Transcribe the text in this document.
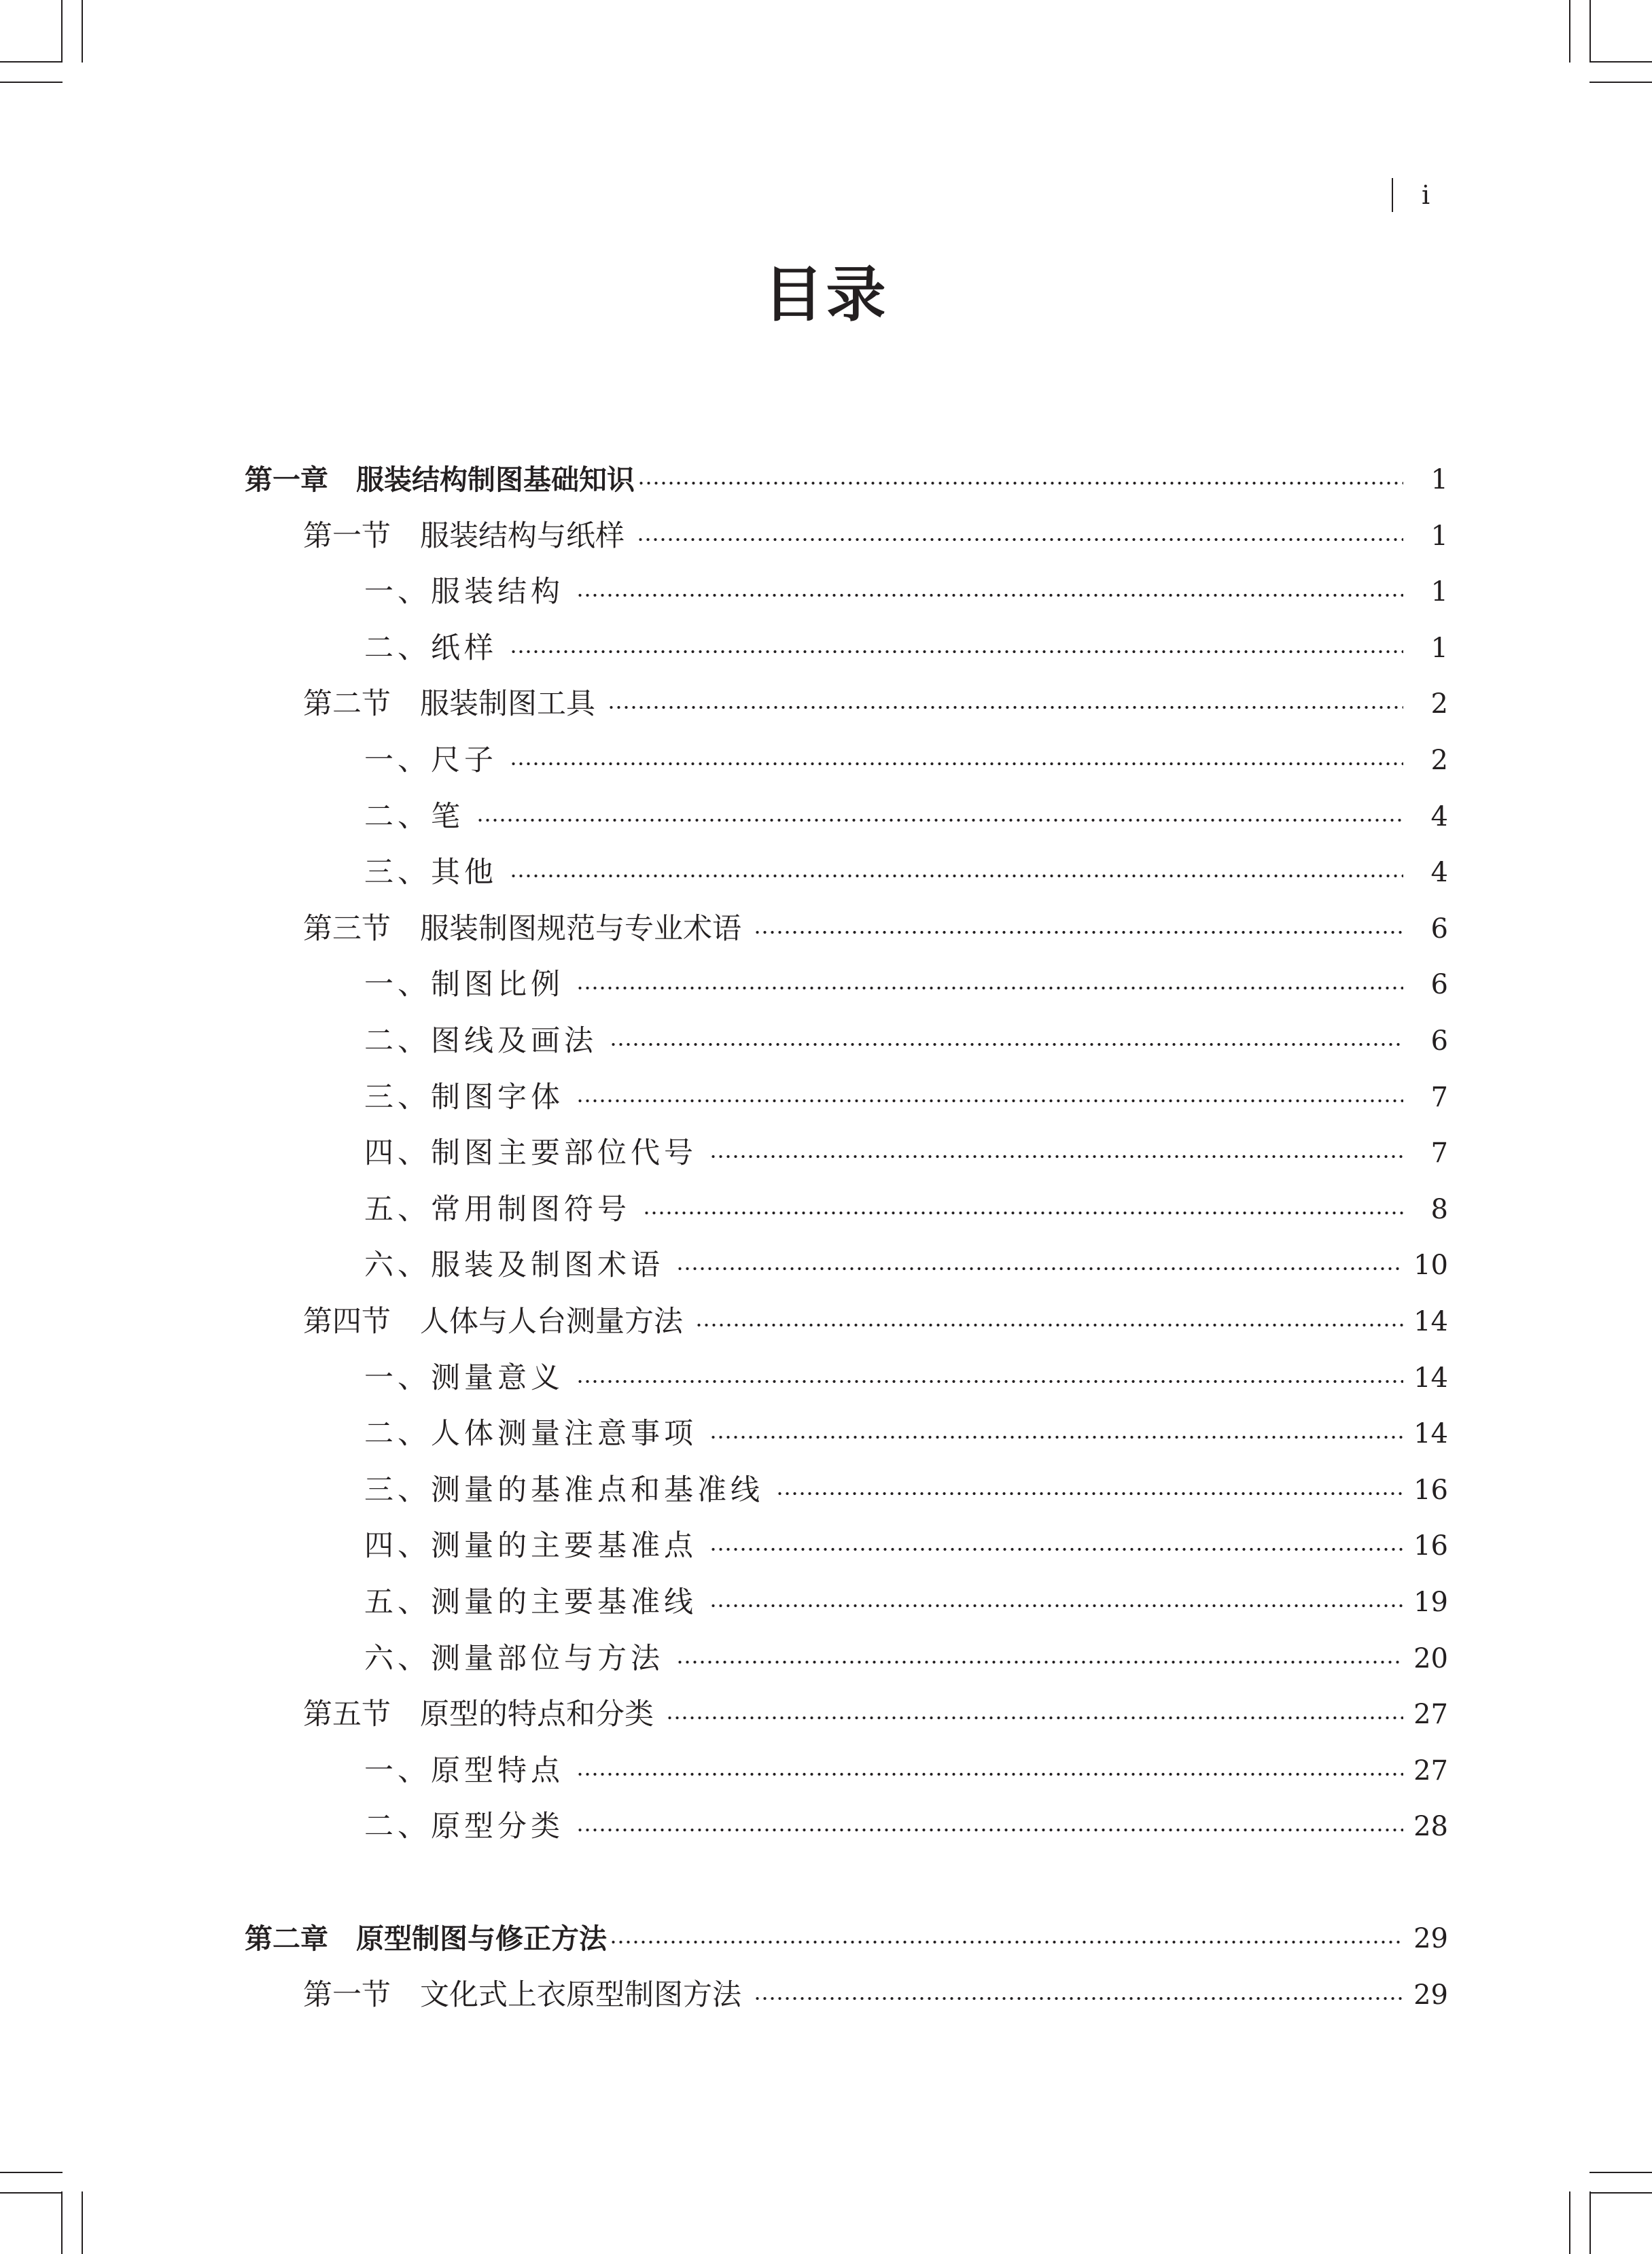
i
目录
第一章　服装结构制图基础知识	1
第一节　服装结构与纸样	1
一、服装结构	1
二、纸样	1
第二节　服装制图工具	2
一、尺子	2
二、笔	4
三、其他	4
第三节　服装制图规范与专业术语	6
一、制图比例	6
二、图线及画法	6
三、制图字体	7
四、制图主要部位代号	7
五、常用制图符号	8
六、服装及制图术语	10
第四节　人体与人台测量方法	14
一、测量意义	14
二、人体测量注意事项	14
三、测量的基准点和基准线	16
四、测量的主要基准点	16
五、测量的主要基准线	19
六、测量部位与方法	20
第五节　原型的特点和分类	27
一、原型特点	27
二、原型分类	28
第二章　原型制图与修正方法	29
第一节　文化式上衣原型制图方法	29
